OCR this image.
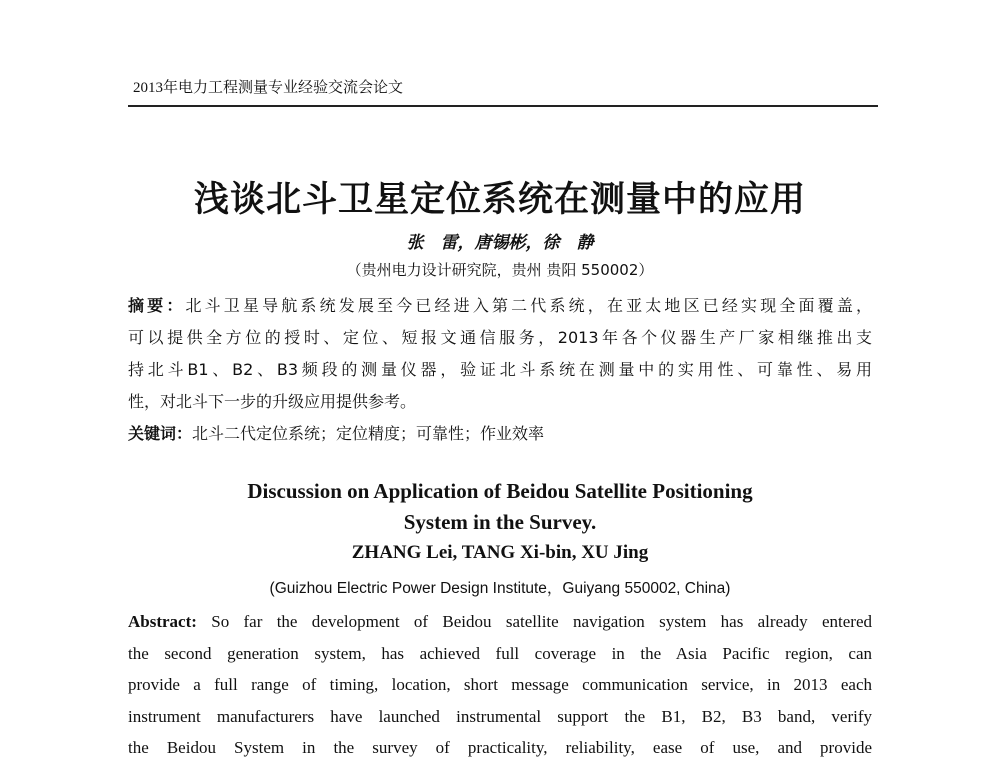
2013年电力工程测量专业经验交流会论文
浅谈北斗卫星定位系统在测量中的应用
张　雷，唐锡彬，徐　静
（贵州电力设计研究院，贵州 贵阳 550002）
摘要：北斗卫星导航系统发展至今已经进入第二代系统，在亚太地区已经实现全面覆盖，
可以提供全方位的授时、定位、短报文通信服务，2013年各个仪器生产厂家相继推出支
持北斗B1、B2、B3频段的测量仪器，验证北斗系统在测量中的实用性、可靠性、易用
性，对北斗下一步的升级应用提供参考。
关键词：北斗二代定位系统；定位精度；可靠性；作业效率
Discussion on Application of Beidou Satellite Positioning
System in the Survey.
ZHANG Lei, TANG Xi-bin, XU Jing
(Guizhou Electric Power Design Institute，Guiyang 550002, China)
Abstract: So far the development of Beidou satellite navigation system has already entered
the second generation system, has achieved full coverage in the Asia Pacific region, can
provide a full range of timing, location, short message communication service, in 2013 each
instrument manufacturers have launched instrumental support the B1, B2, B3 band, verify
the Beidou System in the survey of practicality, reliability, ease of use, and provide
